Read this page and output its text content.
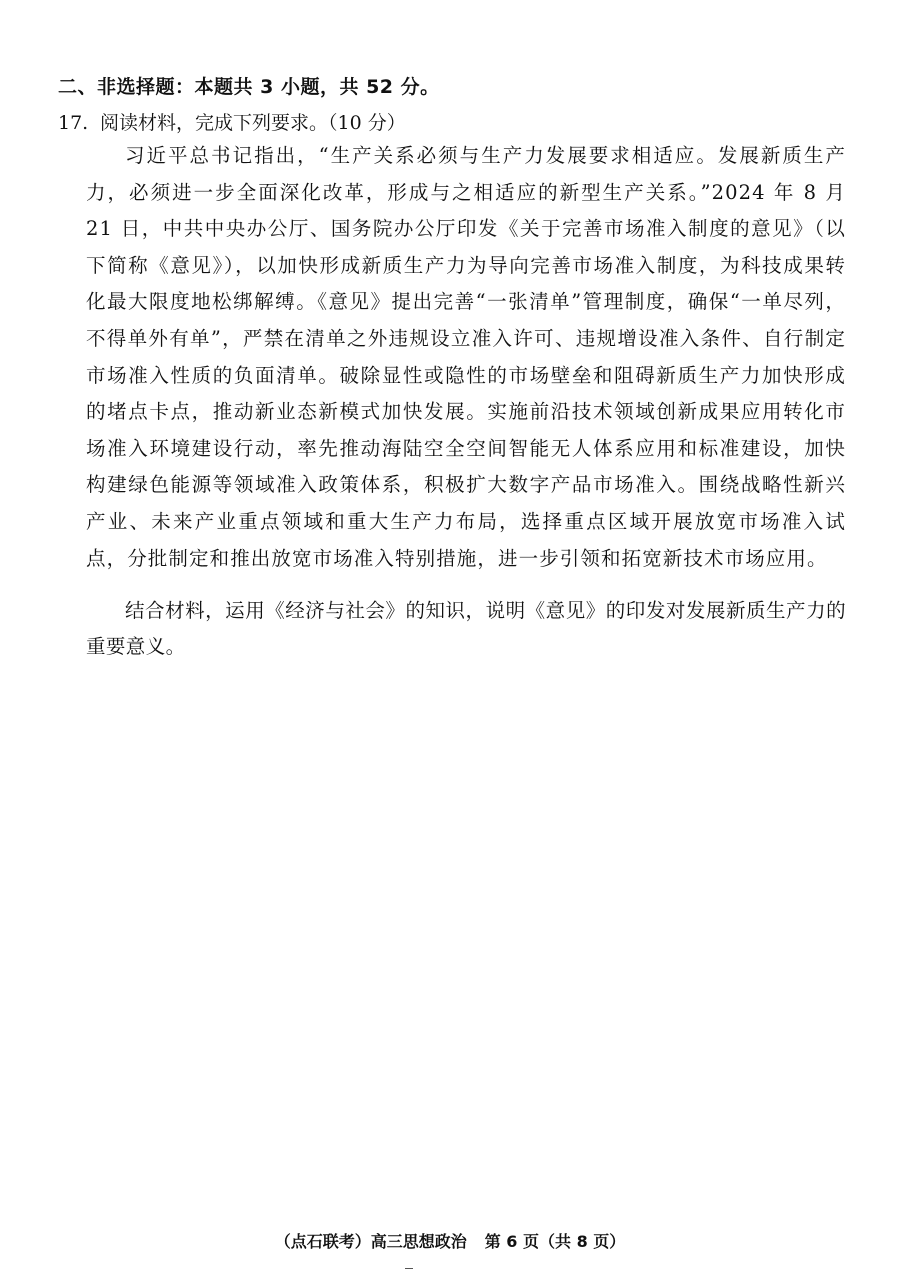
二、非选择题：本题共 3 小题，共 52 分。

17. 阅读材料，完成下列要求。（10 分）

习近平总书记指出，“生产关系必须与生产力发展要求相适应。发展新质生产力，必须进一步全面深化改革，形成与之相适应的新型生产关系。”2024 年 8 月 21 日，中共中央办公厅、国务院办公厅印发《关于完善市场准入制度的意见》（以下简称《意见》），以加快形成新质生产力为导向完善市场准入制度，为科技成果转化最大限度地松绑解缚。《意见》提出完善“一张清单”管理制度，确保“一单尽列，不得单外有单”，严禁在清单之外违规设立准入许可、违规增设准入条件、自行制定市场准入性质的负面清单。破除显性或隐性的市场壁垒和阻碍新质生产力加快形成的堵点卡点，推动新业态新模式加快发展。实施前沿技术领域创新成果应用转化市场准入环境建设行动，率先推动海陆空全空间智能无人体系应用和标准建设，加快构建绿色能源等领域准入政策体系，积极扩大数字产品市场准入。围绕战略性新兴产业、未来产业重点领域和重大生产力布局，选择重点区域开展放宽市场准入试点，分批制定和推出放宽市场准入特别措施，进一步引领和拓宽新技术市场应用。

结合材料，运用《经济与社会》的知识，说明《意见》的印发对发展新质生产力的重要意义。

（点石联考）高三思想政治 第 6 页（共 8 页）
